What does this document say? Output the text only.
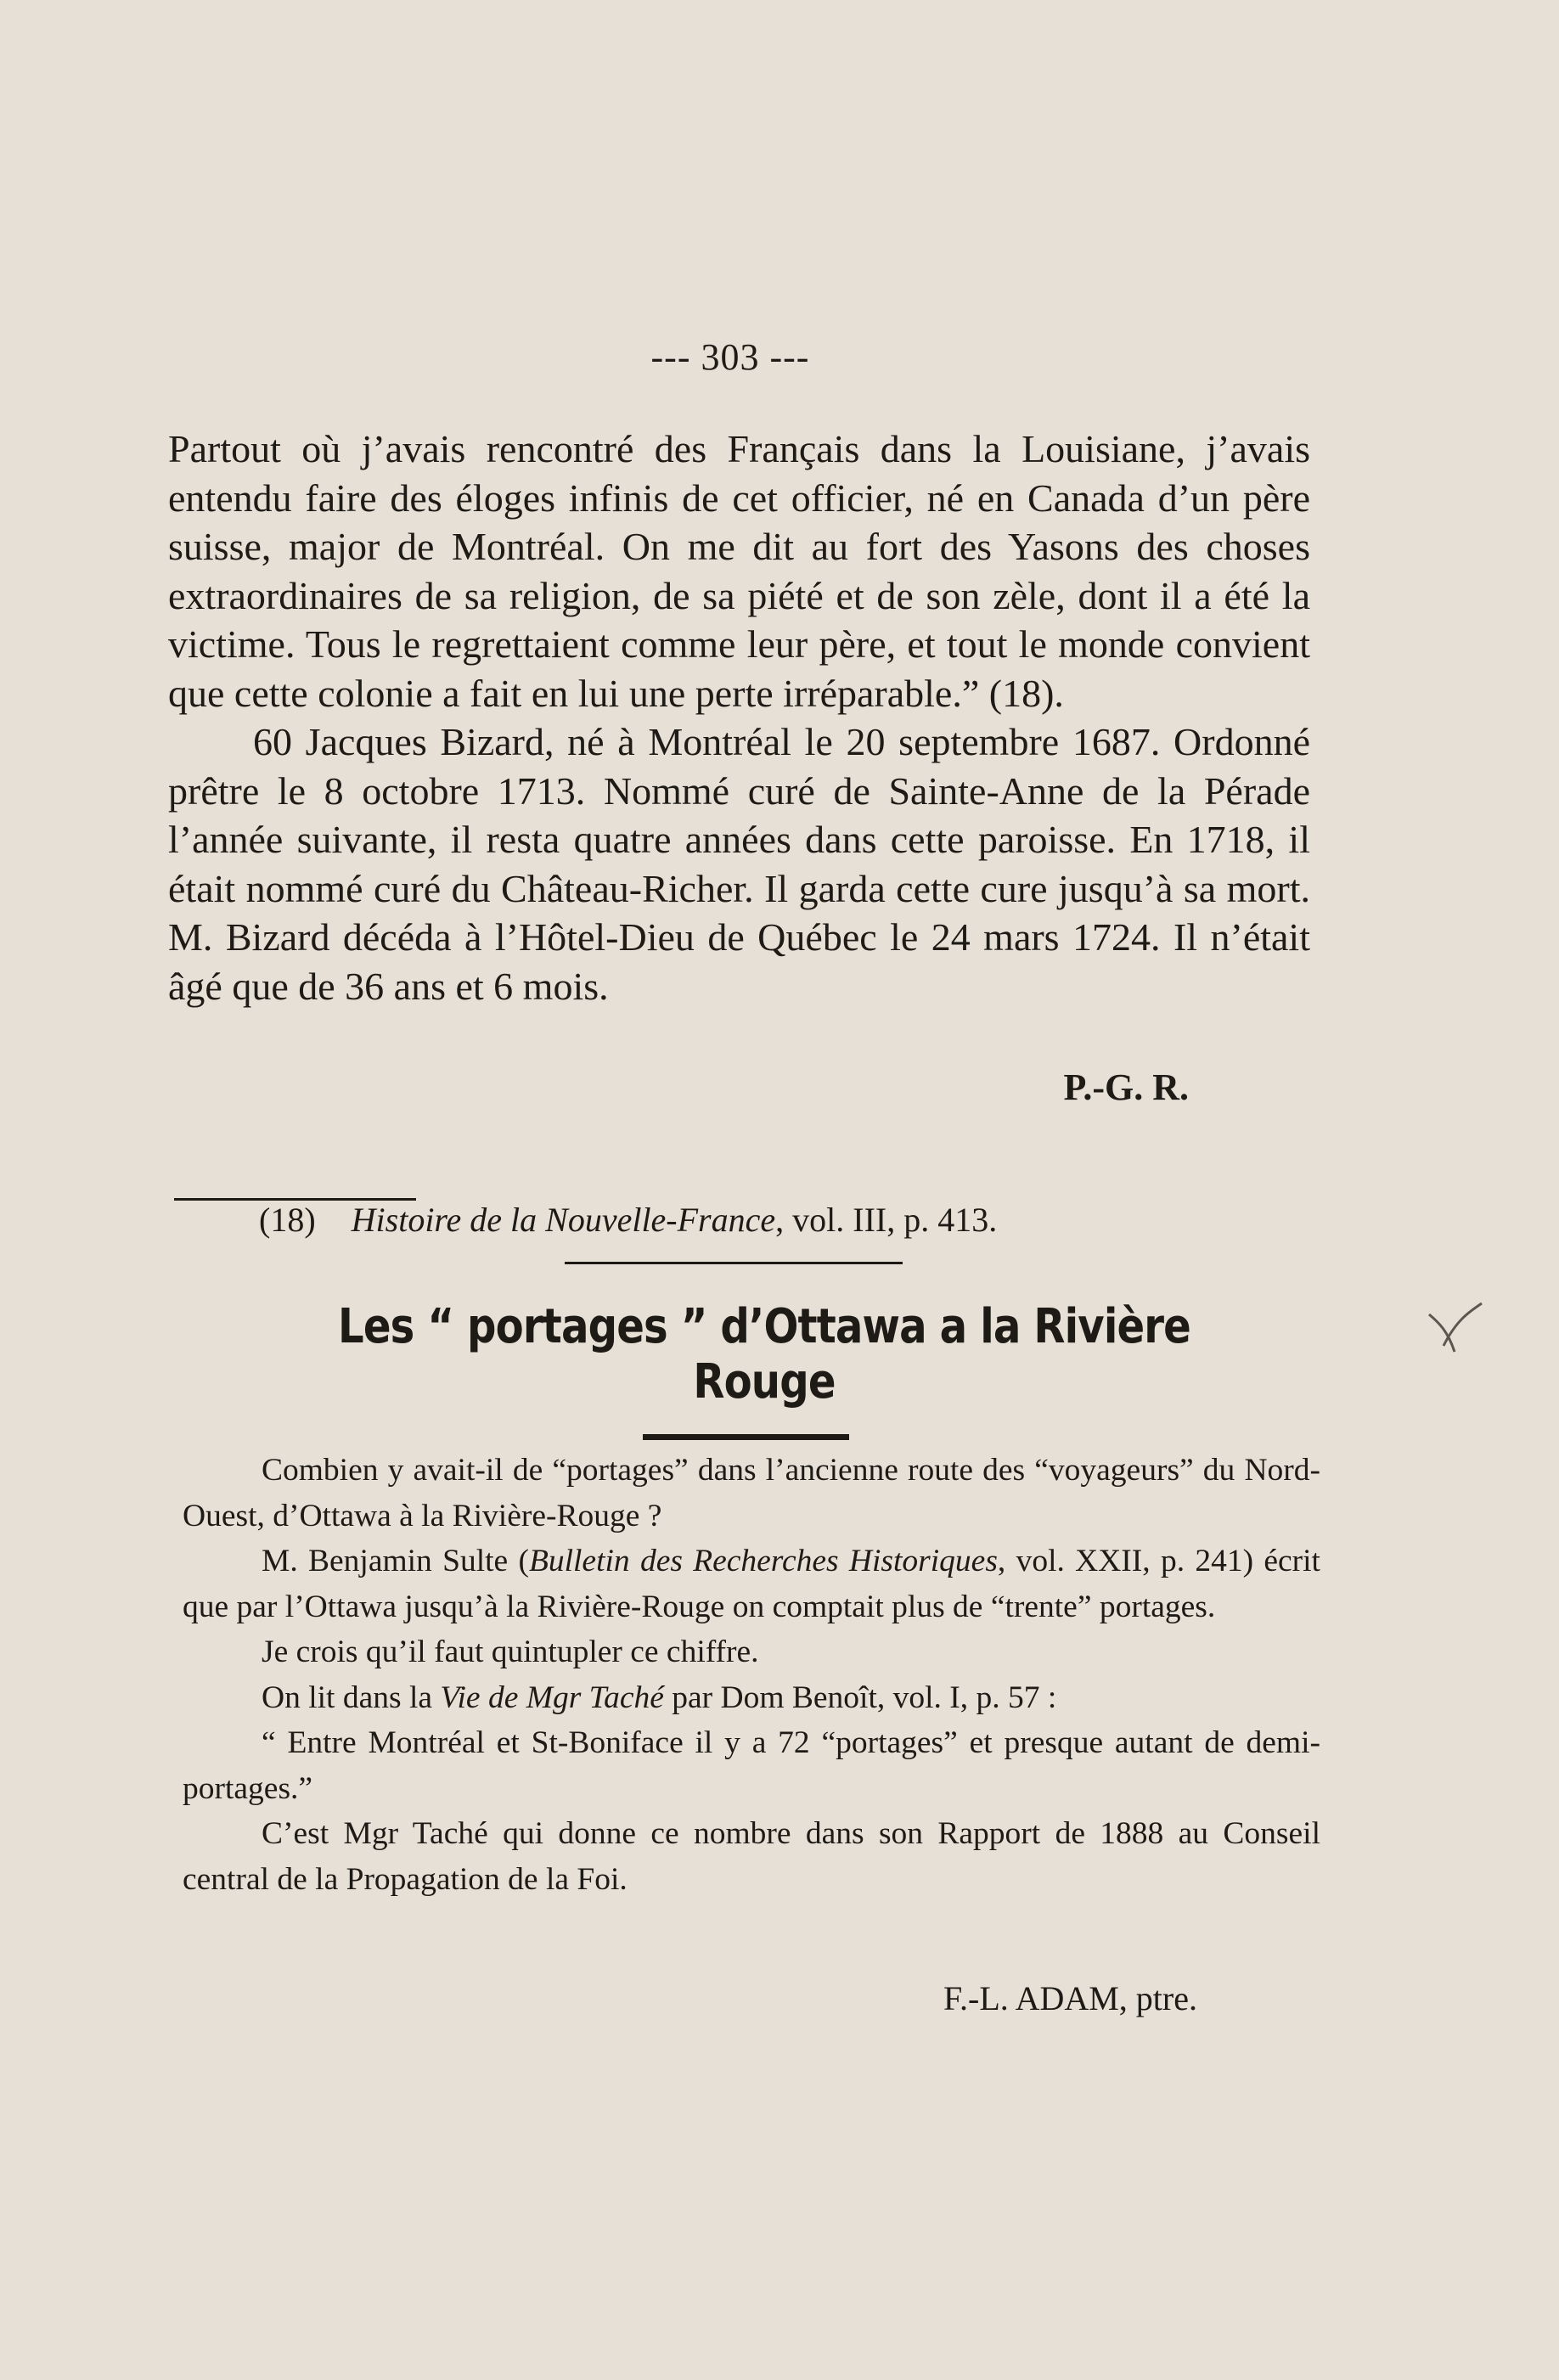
--- 303 ---

Partout où j’avais rencontré des Français dans la Louisiane, j’avais entendu faire des éloges infinis de cet officier, né en Canada d’un père suisse, major de Montréal. On me dit au fort des Yasons des choses extraordinaires de sa religion, de sa piété et de son zèle, dont il a été la victime. Tous le regrettaient comme leur père, et tout le monde convient que cette colonie a fait en lui une perte irréparable.” (18).

60 Jacques Bizard, né à Montréal le 20 septembre 1687. Ordonné prêtre le 8 octobre 1713. Nommé curé de Sainte-Anne de la Pérade l’année suivante, il resta quatre années dans cette paroisse. En 1718, il était nommé curé du Château-Richer. Il garda cette cure jusqu’à sa mort. M. Bizard décéda à l’Hôtel-Dieu de Québec le 24 mars 1724. Il n’était âgé que de 36 ans et 6 mois.

P.-G. R.
(18) Histoire de la Nouvelle-France, vol. III, p. 413.
Les “ portages ” d’Ottawa a la Rivière Rouge

Combien y avait-il de “portages” dans l’ancienne route des “voyageurs” du Nord-Ouest, d’Ottawa à la Rivière-Rouge ?

M. Benjamin Sulte (Bulletin des Recherches Historiques, vol. XXII, p. 241) écrit que par l’Ottawa jusqu’à la Rivière-Rouge on comptait plus de “trente” portages.

Je crois qu’il faut quintupler ce chiffre.

On lit dans la Vie de Mgr Taché par Dom Benoît, vol. I, p. 57 :

“ Entre Montréal et St-Boniface il y a 72 “portages” et presque autant de demi-portages.”

C’est Mgr Taché qui donne ce nombre dans son Rapport de 1888 au Conseil central de la Propagation de la Foi.

F.-L. ADAM, ptre.
